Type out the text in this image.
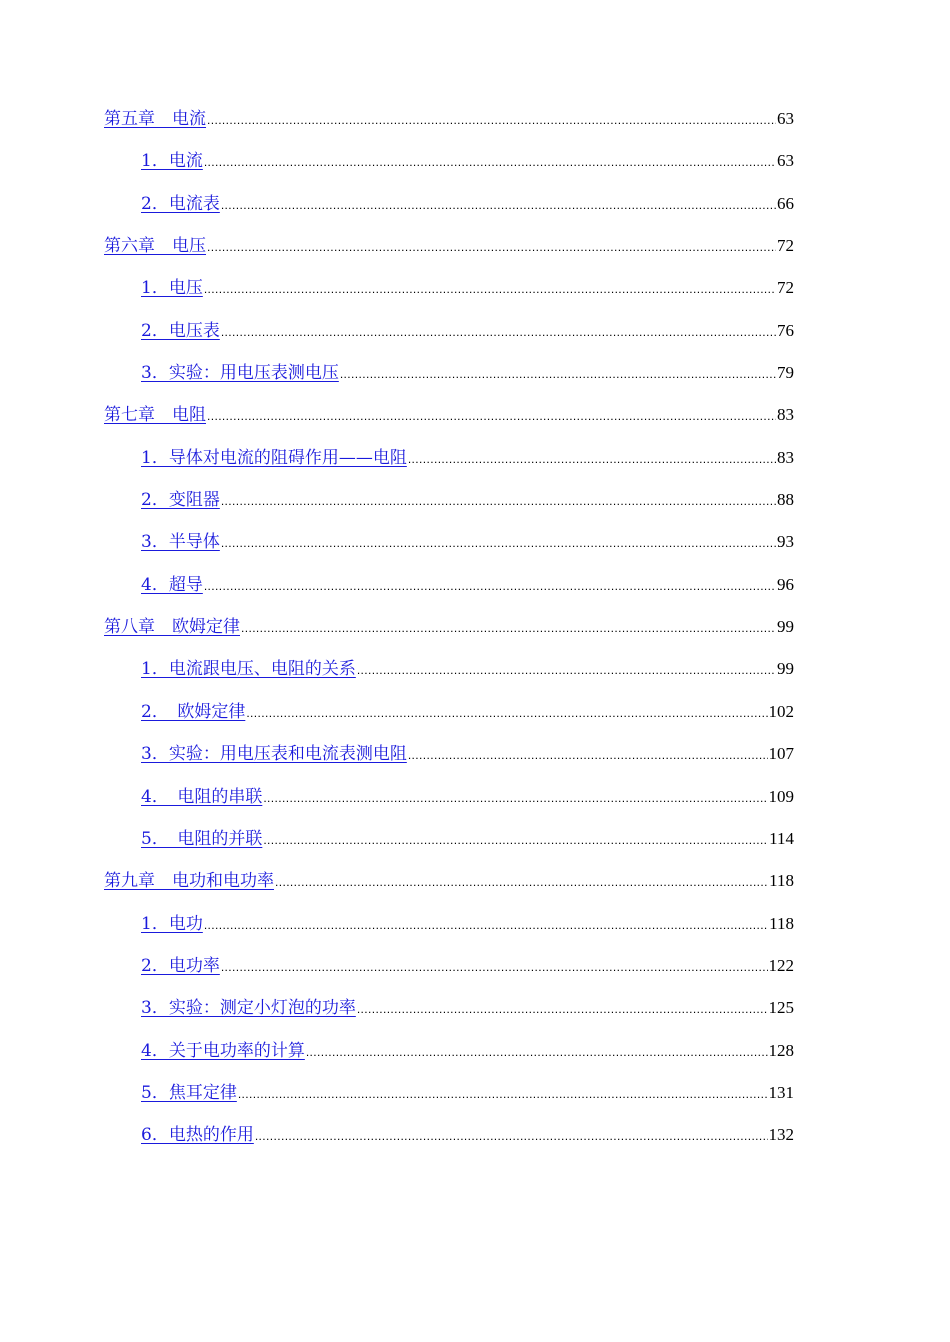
第五章　电流 .....	63
1．电流 .....	63
2．电流表 .....	66
第六章　电压 .....	72
1．电压 .....	72
2．电压表 .....	76
3．实验：用电压表测电压 .....	79
第七章　电阻 .....	83
1．导体对电流的阻碍作用——电阻 .....	83
2．变阻器 .....	88
3．半导体 .....	93
4．超导 .....	96
第八章　欧姆定律 .....	99
1．电流跟电压、电阻的关系 .....	99
2．　欧姆定律 .....	102
3．实验：用电压表和电流表测电阻 .....	107
4．　电阻的串联 .....	109
5．　电阻的并联 .....	114
第九章　电功和电功率 .....	118
1．电功 .....	118
2．电功率 .....	122
3．实验：测定小灯泡的功率 .....	125
4．关于电功率的计算 .....	128
5．焦耳定律 .....	131
6．电热的作用 .....	132
